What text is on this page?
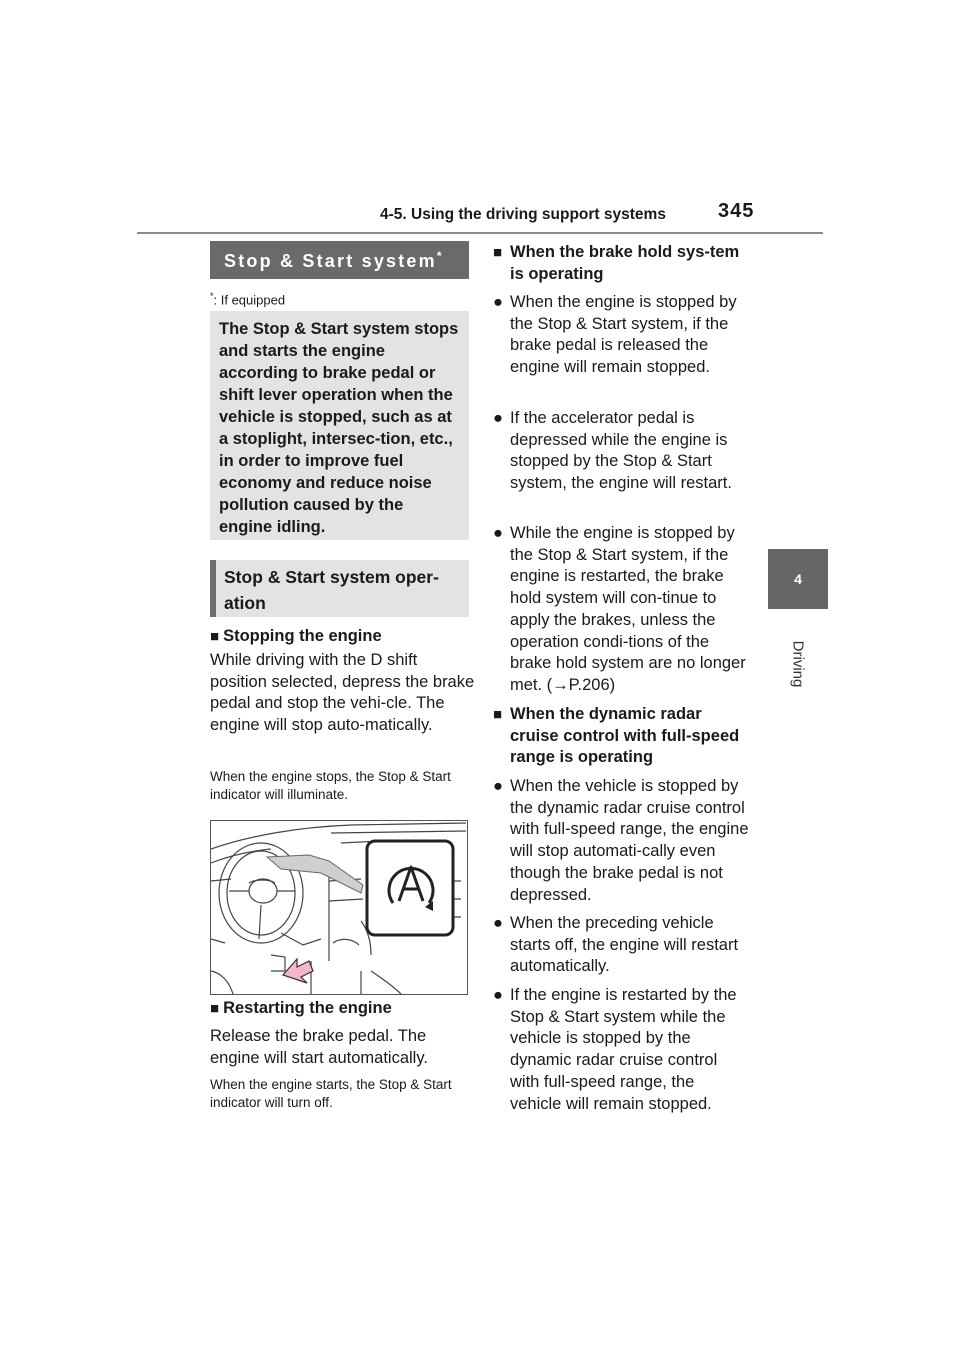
4-5. Using the driving support systems	345
4
Driving
Stop & Start system*
*: If equipped
The Stop & Start system stops and starts the engine according to brake pedal or shift lever operation when the vehicle is stopped, such as at a stoplight, intersec-tion, etc., in order to improve fuel economy and reduce noise pollution caused by the engine idling.
Stop & Start system oper-ation
■ Stopping the engine
While driving with the D shift position selected, depress the brake pedal and stop the vehi-cle. The engine will stop auto-matically.
When the engine stops, the Stop & Start indicator will illuminate.
■ Restarting the engine
Release the brake pedal. The engine will start automatically.
When the engine starts, the Stop & Start indicator will turn off.
■ When the brake hold sys-tem is operating
● When the engine is stopped by the Stop & Start system, if the brake pedal is released the engine will remain stopped.
● If the accelerator pedal is depressed while the engine is stopped by the Stop & Start system, the engine will restart.
● While the engine is stopped by the Stop & Start system, if the engine is restarted, the brake hold system will con-tinue to apply the brakes, unless the operation condi-tions of the brake hold system are no longer met. (→P.206)
■ When the dynamic radar cruise control with full-speed range is operating
● When the vehicle is stopped by the dynamic radar cruise control with full-speed range, the engine will stop automati-cally even though the brake pedal is not depressed.
● When the preceding vehicle starts off, the engine will restart automatically.
● If the engine is restarted by the Stop & Start system while the vehicle is stopped by the dynamic radar cruise control with full-speed range, the vehicle will remain stopped.
